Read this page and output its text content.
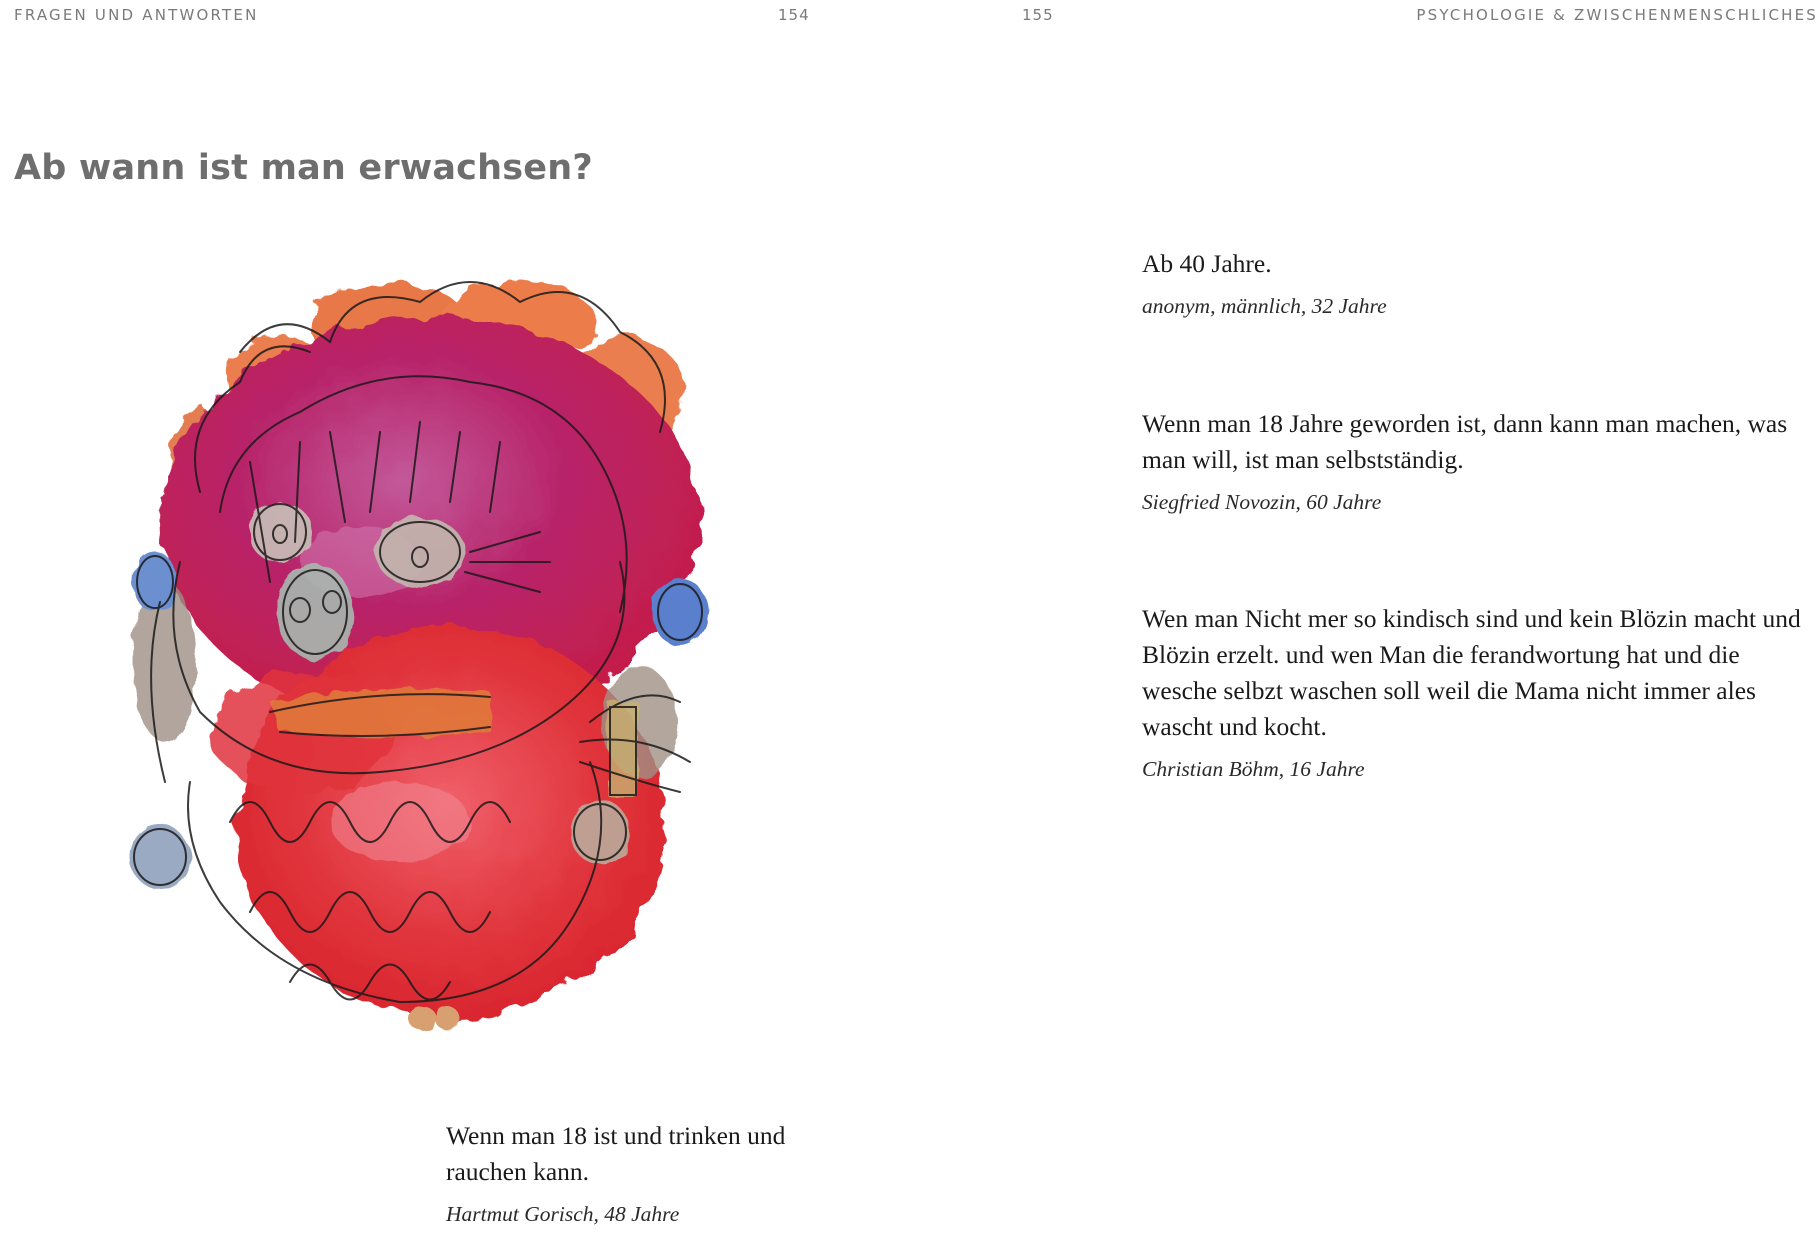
FRAGEN UND ANTWORTEN	154	155	PSYCHOLOGIE & ZWISCHENMENSCHLICHES
Ab wann ist man erwachsen?

Ab 40 Jahre.

anonym, männlich, 32 Jahre

Wenn man 18 Jahre geworden ist, dann kann man machen, was man will, ist man selbstständig.

Siegfried Novozin, 60 Jahre

Wen man Nicht mer so kindisch sind und kein Blözin macht und Blözin erzelt. und wen Man die ferandwortung hat und die wesche selbzt waschen soll weil die Mama nicht immer ales wascht und kocht.

Christian Böhm, 16 Jahre

Wenn man 18 ist und trinken und rauchen kann.

Hartmut Gorisch, 48 Jahre
